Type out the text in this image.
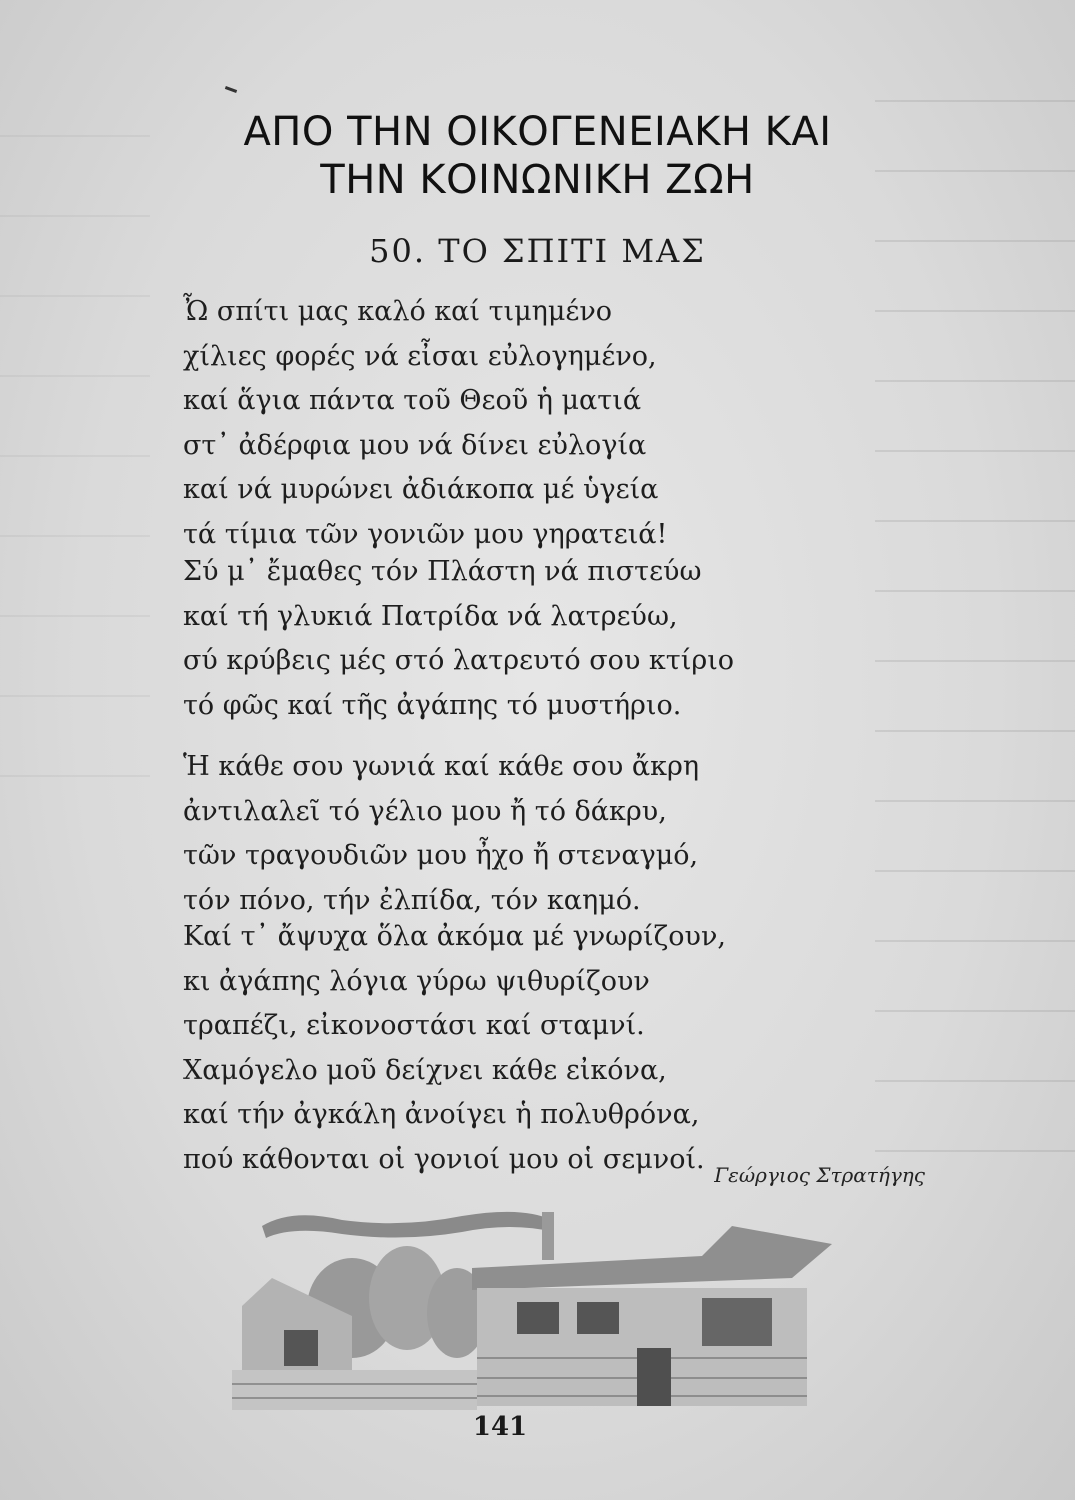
ΑΠΟ ΤΗΝ ΟΙΚΟΓΕΝΕΙΑΚΗ ΚΑΙ
ΤΗΝ ΚΟΙΝΩΝΙΚΗ ΖΩΗ
50. ΤΟ ΣΠΙΤΙ ΜΑΣ
Ὦ σπίτι μας καλό καί τιμημένο
χίλιες φορές νά εἶσαι εὐλογημένο,
καί ἅγια πάντα τοῦ Θεοῦ ἡ ματιά
στ᾿ ἀδέρφια μου νά δίνει εὐλογία
καί νά μυρώνει ἀδιάκοπα μέ ὑγεία
τά τίμια τῶν γονιῶν μου γηρατειά!
Σύ μ᾿ ἔμαθες τόν Πλάστη νά πιστεύω
καί τή γλυκιά Πατρίδα νά λατρεύω,
σύ κρύβεις μές στό λατρευτό σου κτίριο
τό φῶς καί τῆς ἀγάπης τό μυστήριο.
Ἡ κάθε σου γωνιά καί κάθε σου ἄκρη
ἀντιλαλεῖ τό γέλιο μου ἤ τό δάκρυ,
τῶν τραγουδιῶν μου ἦχο ἤ στεναγμό,
τόν πόνο, τήν ἐλπίδα, τόν καημό.
Καί τ᾿ ἄψυχα ὅλα ἀκόμα μέ γνωρίζουν,
κι ἀγάπης λόγια γύρω ψιθυρίζουν
τραπέζι, εἰκονοστάσι καί σταμνί.
Χαμόγελο μοῦ δείχνει κάθε εἰκόνα,
καί τήν ἀγκάλη ἀνοίγει ἡ πολυθρόνα,
πού κάθονται οἱ γονιοί μου οἱ σεμνοί.
Γεώργιος Στρατήγης
141
